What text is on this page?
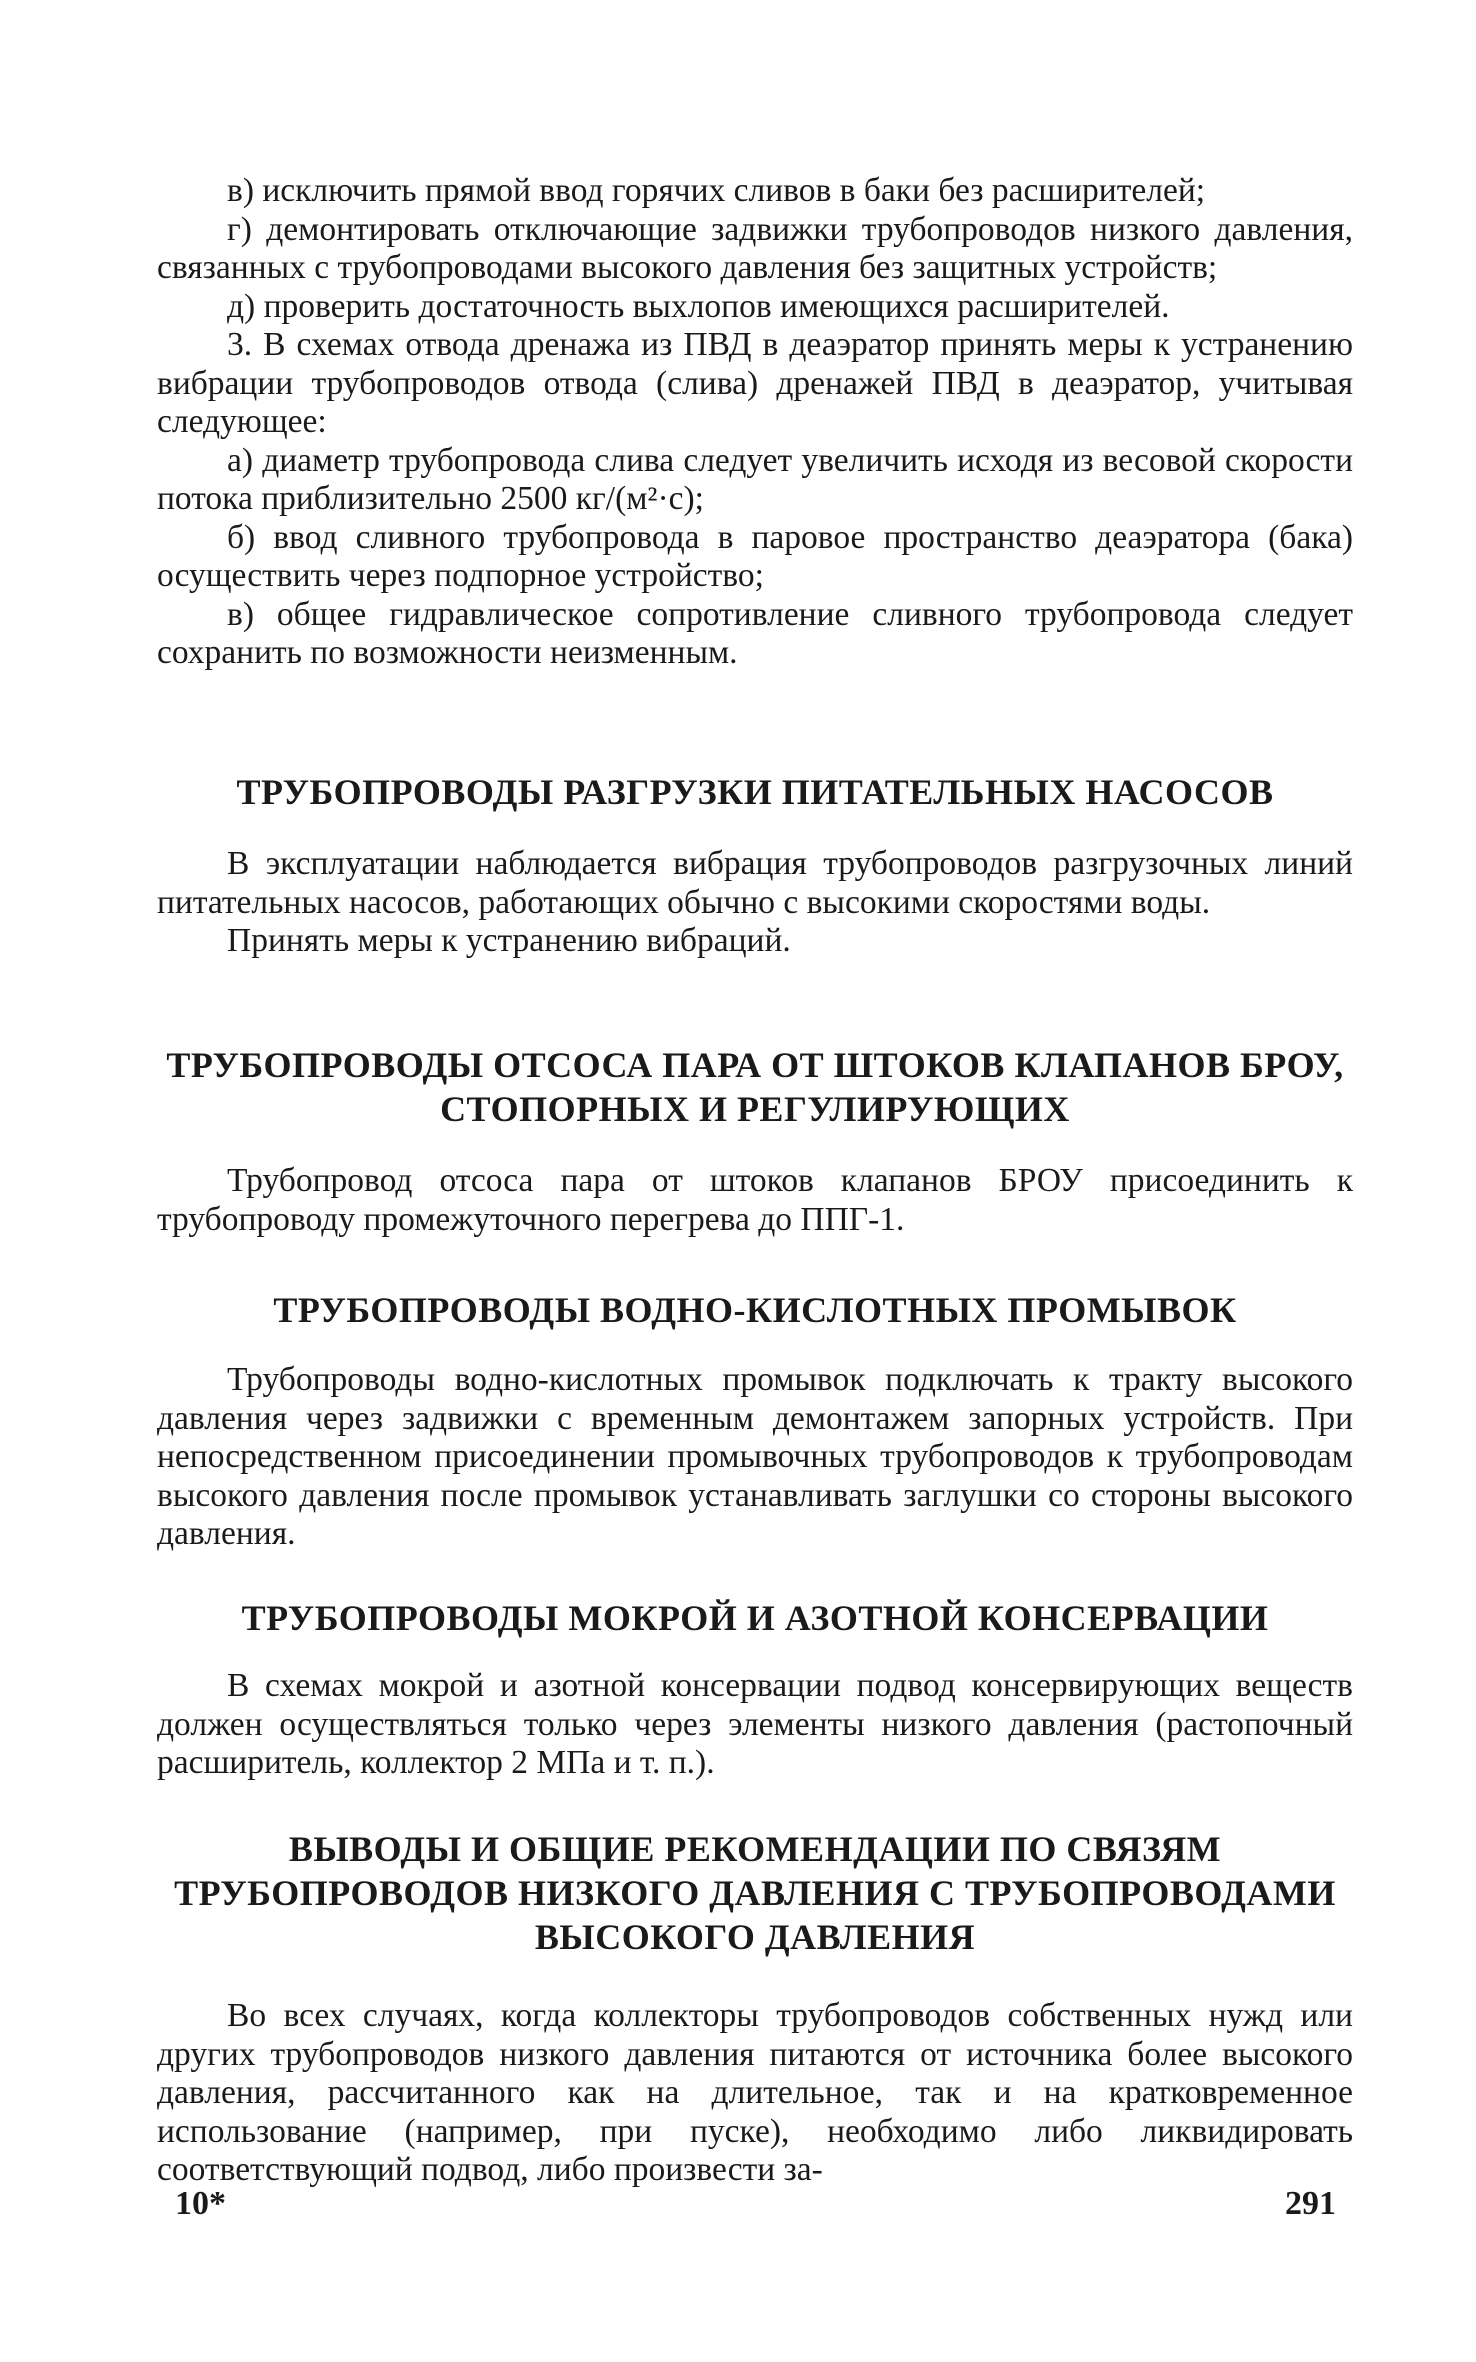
в) исключить прямой ввод горячих сливов в баки без расширителей;

г) демонтировать отключающие задвижки трубопроводов низкого давления, связанных с трубопроводами высокого давления без защитных устройств;

д) проверить достаточность выхлопов имеющихся расширителей.

3. В схемах отвода дренажа из ПВД в деаэратор принять меры к устранению вибрации трубопроводов отвода (слива) дренажей ПВД в деаэратор, учитывая следующее:

а) диаметр трубопровода слива следует увеличить исходя из весовой скорости потока приблизительно 2500 кг/(м²·с);

б) ввод сливного трубопровода в паровое пространство деаэратора (бака) осуществить через подпорное устройство;

в) общее гидравлическое сопротивление сливного трубопровода следует сохранить по возможности неизменным.

ТРУБОПРОВОДЫ РАЗГРУЗКИ ПИТАТЕЛЬНЫХ НАСОСОВ

В эксплуатации наблюдается вибрация трубопроводов разгрузочных линий питательных насосов, работающих обычно с высокими скоростями воды.

Принять меры к устранению вибраций.

ТРУБОПРОВОДЫ ОТСОСА ПАРА ОТ ШТОКОВ КЛАПАНОВ БРОУ, СТОПОРНЫХ И РЕГУЛИРУЮЩИХ

Трубопровод отсоса пара от штоков клапанов БРОУ присоединить к трубопроводу промежуточного перегрева до ППГ-1.

ТРУБОПРОВОДЫ ВОДНО-КИСЛОТНЫХ ПРОМЫВОК

Трубопроводы водно-кислотных промывок подключать к тракту высокого давления через задвижки с временным демонтажем запорных устройств. При непосредственном присоединении промывочных трубопроводов к трубопроводам высокого давления после промывок устанавливать заглушки со стороны высокого давления.

ТРУБОПРОВОДЫ МОКРОЙ И АЗОТНОЙ КОНСЕРВАЦИИ

В схемах мокрой и азотной консервации подвод консервирующих веществ должен осуществляться только через элементы низкого давления (растопочный расширитель, коллектор 2 МПа и т. п.).

ВЫВОДЫ И ОБЩИЕ РЕКОМЕНДАЦИИ ПО СВЯЗЯМ ТРУБОПРОВОДОВ НИЗКОГО ДАВЛЕНИЯ С ТРУБОПРОВОДАМИ ВЫСОКОГО ДАВЛЕНИЯ

Во всех случаях, когда коллекторы трубопроводов собственных нужд или других трубопроводов низкого давления питаются от источника более высокого давления, рассчитанного как на длительное, так и на кратковременное использование (например, при пуске), необходимо либо ликвидировать соответствующий подвод, либо произвести за-

10*	291
